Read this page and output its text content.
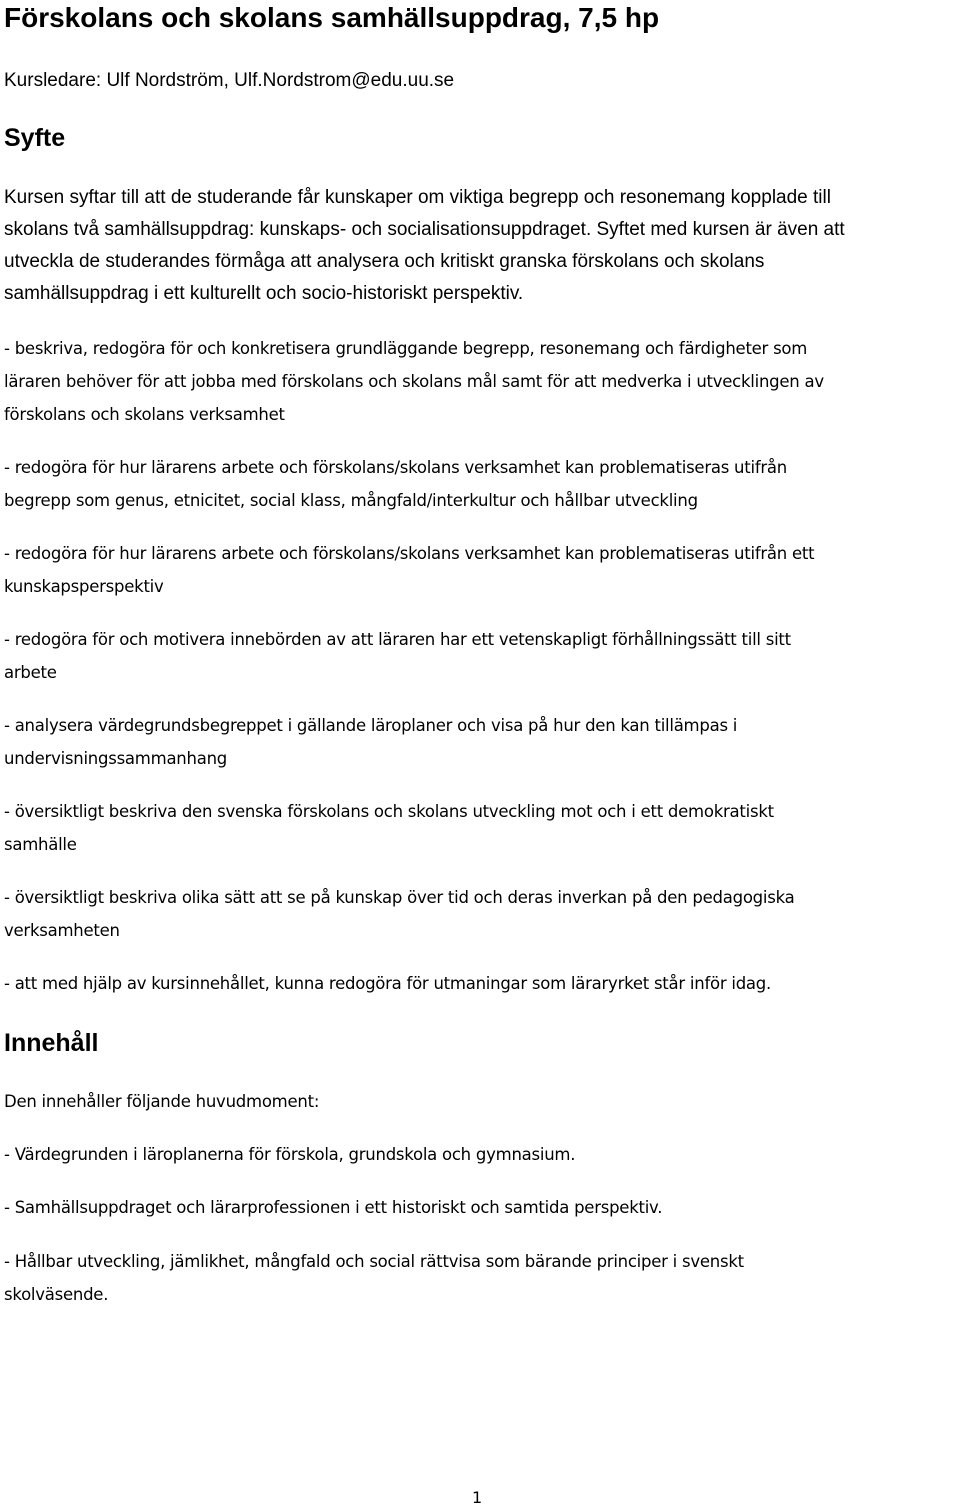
Förskolans och skolans samhällsuppdrag, 7,5 hp

Kursledare: Ulf Nordström, Ulf.Nordstrom@edu.uu.se

Syfte

Kursen syftar till att de studerande får kunskaper om viktiga begrepp och resonemang kopplade till
skolans två samhällsuppdrag: kunskaps- och socialisationsuppdraget. Syftet med kursen är även att
utveckla de studerandes förmåga att analysera och kritiskt granska förskolans och skolans
samhällsuppdrag i ett kulturellt och socio-historiskt perspektiv.

- beskriva, redogöra för och konkretisera grundläggande begrepp, resonemang och färdigheter som
läraren behöver för att jobba med förskolans och skolans mål samt för att medverka i utvecklingen av
förskolans och skolans verksamhet

- redogöra för hur lärarens arbete och förskolans/skolans verksamhet kan problematiseras utifrån
begrepp som genus, etnicitet, social klass, mångfald/interkultur och hållbar utveckling

- redogöra för hur lärarens arbete och förskolans/skolans verksamhet kan problematiseras utifrån ett
kunskapsperspektiv

- redogöra för och motivera innebörden av att läraren har ett vetenskapligt förhållningssätt till sitt
arbete

- analysera värdegrundsbegreppet i gällande läroplaner och visa på hur den kan tillämpas i
undervisningssammanhang

- översiktligt beskriva den svenska förskolans och skolans utveckling mot och i ett demokratiskt
samhälle

- översiktligt beskriva olika sätt att se på kunskap över tid och deras inverkan på den pedagogiska
verksamheten

- att med hjälp av kursinnehållet, kunna redogöra för utmaningar som läraryrket står inför idag.

Innehåll

Den innehåller följande huvudmoment:

- Värdegrunden i läroplanerna för förskola, grundskola och gymnasium.

- Samhällsuppdraget och lärarprofessionen i ett historiskt och samtida perspektiv.

- Hållbar utveckling, jämlikhet, mångfald och social rättvisa som bärande principer i svenskt
skolväsende.

1
